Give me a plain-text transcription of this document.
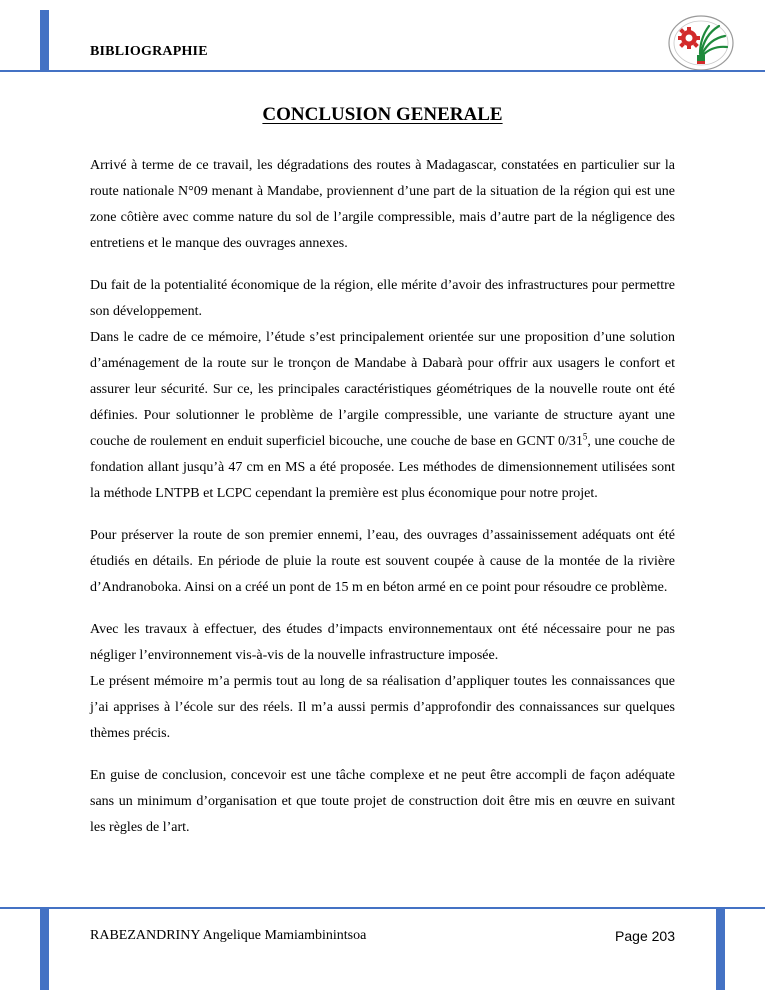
BIBLIOGRAPHIE
CONCLUSION GENERALE

Arrivé à terme de ce travail, les dégradations des routes à Madagascar, constatées en particulier sur la route nationale N°09 menant à Mandabe, proviennent d’une part de la situation de la région qui est une zone côtière avec comme nature du sol de l’argile compressible, mais d’autre part de la négligence des entretiens et le manque des ouvrages annexes.

Du fait de la potentialité économique de la région, elle mérite d’avoir des infrastructures pour permettre son développement.

Dans le cadre de ce mémoire, l’étude s’est principalement orientée sur une proposition d’une solution d’aménagement de la route sur le tronçon de Mandabe à Dabarà pour offrir aux usagers le confort et assurer leur sécurité. Sur ce, les principales caractéristiques géométriques de la nouvelle route ont été définies. Pour solutionner le problème de l’argile compressible, une variante de structure ayant une couche de roulement en enduit superficiel bicouche, une couche de base en GCNT $0/31^5$, une couche de fondation allant jusqu’à 47 cm en MS a été proposée. Les méthodes de dimensionnement utilisées sont la méthode LNTPB et LCPC cependant la première est plus économique pour notre projet.

Pour préserver la route de son premier ennemi, l’eau, des ouvrages d’assainissement adéquats ont été étudiés en détails. En période de pluie la route est souvent coupée à cause de la montée de la rivière d’Andranoboka. Ainsi on a créé un pont de 15 m en béton armé en ce point pour résoudre ce problème.

Avec les travaux à effectuer, des études d’impacts environnementaux ont été nécessaire pour ne pas négliger l’environnement vis-à-vis de la nouvelle infrastructure imposée.

Le présent mémoire m’a permis tout au long de sa réalisation d’appliquer toutes les connaissances que j’ai apprises à l’école sur des réels. Il m’a aussi permis d’approfondir des connaissances sur quelques thèmes précis.

En guise de conclusion, concevoir est une tâche complexe et ne peut être accompli de façon adéquate sans un minimum d’organisation et que toute projet de construction doit être mis en œuvre en suivant les règles de l’art.

RABEZANDRINY Angelique Mamiambinintsoa	Page 203
